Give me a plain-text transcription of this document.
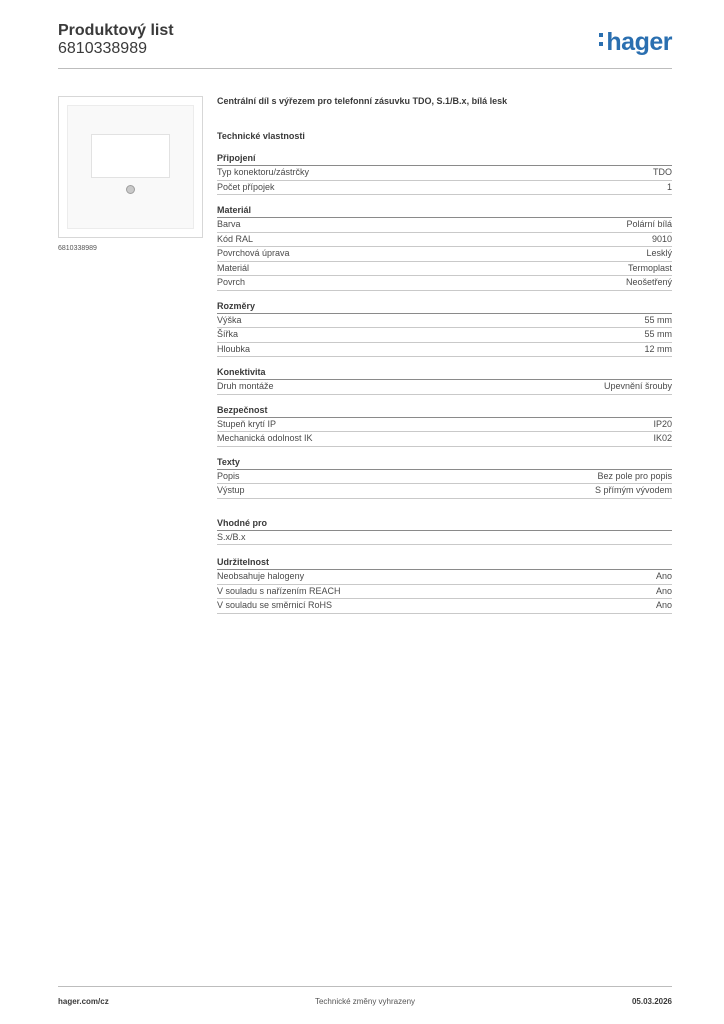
Produktový list
6810338989	hager
6810338989
Centrální díl s výřezem pro telefonní zásuvku TDO, S.1/B.x, bílá lesk
Technické vlastnosti
Připojení
Typ konektoru/zástrčky	TDO
Počet přípojek	1
Materiál
Barva	Polární bílá
Kód RAL	9010
Povrchová úprava	Lesklý
Materiál	Termoplast
Povrch	Neošetřený
Rozměry
Výška	55 mm
Šířka	55 mm
Hloubka	12 mm
Konektivita
Druh montáže	Upevnění šrouby
Bezpečnost
Stupeň krytí IP	IP20
Mechanická odolnost IK	IK02
Texty
Popis	Bez pole pro popis
Výstup	S přímým vývodem
Vhodné pro
S.x/B.x
Udržitelnost
Neobsahuje halogeny	Ano
V souladu s nařízením REACH	Ano
V souladu se směrnicí RoHS	Ano
hager.com/cz	Technické změny vyhrazeny	05.03.2026
